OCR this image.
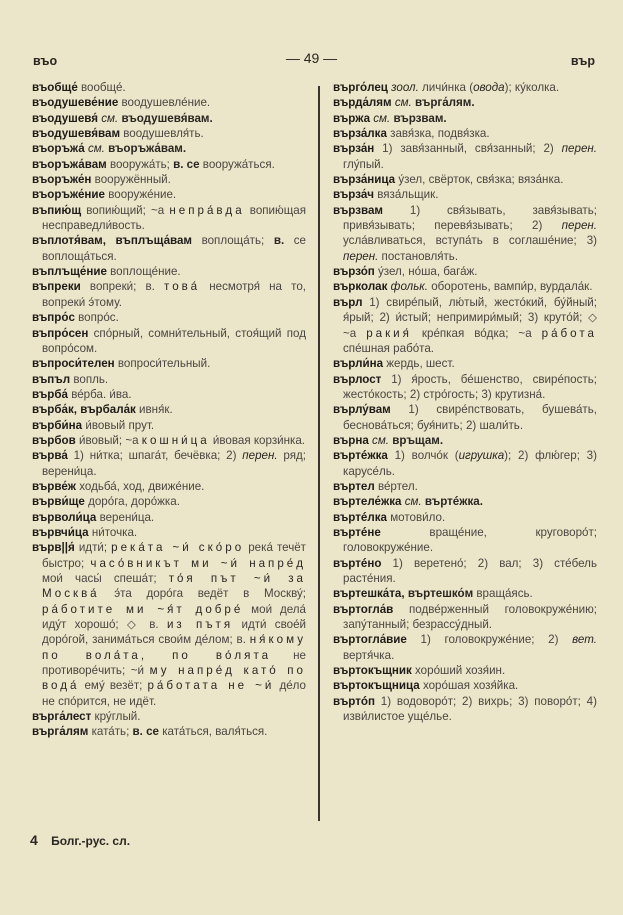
въо	— 49 —	вър

въобще́ вообще́.

въодушеве́ние воодушевле́ние.

въодушевя́ см. въодушевя́вам.

въодушевя́вам воодушевля́ть.

въоръжа́ см. въоръжа́вам.

въоръжа́вам вооружа́ть; в. се вооружа́ться.

въоръже́н вооружённый.

въоръже́ние вооруже́ние.

въпию́щ вопию́щий; ~а непра́вда вопию́щая несправедли́вость.

въплотя́вам, въплъща́вам воплоща́ть; в. се воплоща́ться.

въплъще́ние воплоще́ние.

въпреки вопреки́; в. това́ несмотря́ на то, вопреки́ э́тому.

въпро́с вопро́с.

въпро́сен спо́рный, сомни́тельный, стоя́щий под вопро́сом.

въпроси́телен вопроси́тельный.

въпъл вопль.

върба́ ве́рба. и́ва.

върба́к, върбала́к ивня́к.

върби́на и́вовый прут.

върбов и́вовый; ~а кошни́ца и́вовая корзи́нка.

върва́ 1) ни́тка; шпага́т, бечёвка; 2) перен. ряд; верени́ца.

върве́ж ходьба́, ход, движе́ние.

върви́ще доро́га, доро́жка.

върволи́ца верени́ца.

вървчи́ца ни́точка.

върв||я́ идти́; река́та ~и́ ско́ро река́ течёт быстро; часо́вникът ми ~и́ напре́д мои́ часы́ спеша́т; то́я път ~и́ за Москва́ э́та доро́га ведёт в Москву́; ра́ботите ми ~я́т добре́ мои́ дела́ иду́т хорошо́; ◇ в. из пътя идти́ свое́й доро́гой, занима́ться свои́м де́лом; в. ня́кому по вола́та, по во́лята не противоре́чить; ~и́ му напре́д като́ по вода́ ему́ везёт; ра́ботата не ~и́ де́ло не спо́рится, не идёт.

върга́лест кру́глый.

върга́лям ката́ть; в. се ката́ться, валя́ться.

върго́лец зоол. личи́нка (овода); ку́колка.

върда́лям см. върга́лям.

вържа см. вързвам.

върза́лка завя́зка, подвя́зка.

върза́н 1) завя́занный, свя́занный; 2) перен. глу́пый.

върза́ница у́зел, свёрток, свя́зка; вяза́нка.

върза́ч вяза́льщик.

вързвам 1) свя́зывать, завя́зывать; привя́зывать; перевя́зывать; 2) перен. усла́вливаться, вступа́ть в соглаше́ние; 3) перен. постановля́ть.

вързо́п у́зел, но́ша, бага́ж.

върколак фольк. оборотень, вампи́р, вурдала́к.

върл 1) свире́пый, лю́тый, жесто́кий, бу́йный; я́рый; 2) и́стый; непримири́мый; 3) круто́й; ◇ ~а ракия́ кре́пкая во́дка; ~а ра́бота спе́шная рабо́та.

върли́на жердь, шест.

върлост 1) я́рость, бе́шенство, свире́пость; жесто́кость; 2) стро́гость; 3) крутизна́.

върлу́вам 1) свире́пствовать, бушева́ть, беснова́ться; буя́нить; 2) шали́ть.

върна см. връщам.

въртéжка 1) волчо́к (игрушка); 2) флю́гер; 3) карусе́ль.

въртел ве́ртел.

въртеле́жка см. въртéжка.

въртéлка мотови́ло.

въртéне враще́ние, круговоро́т; головокруже́ние.

въртéно 1) веретено́; 2) вал; 3) сте́бель расте́ния.

въртешка́та, въртешко́м враща́ясь.

въртогла́в подве́рженный головокруже́нию; запу́танный; безрассу́дный.

въртогла́вие 1) головокруже́ние; 2) вет. вертя́чка.

въртокъщник хоро́ший хозя́ин.

въртокъщница хоро́шая хозя́йка.

въртóп 1) водоворо́т; 2) вихрь; 3) поворо́т; 4) изви́листое уще́лье.

4 Болг.-рус. сл.
